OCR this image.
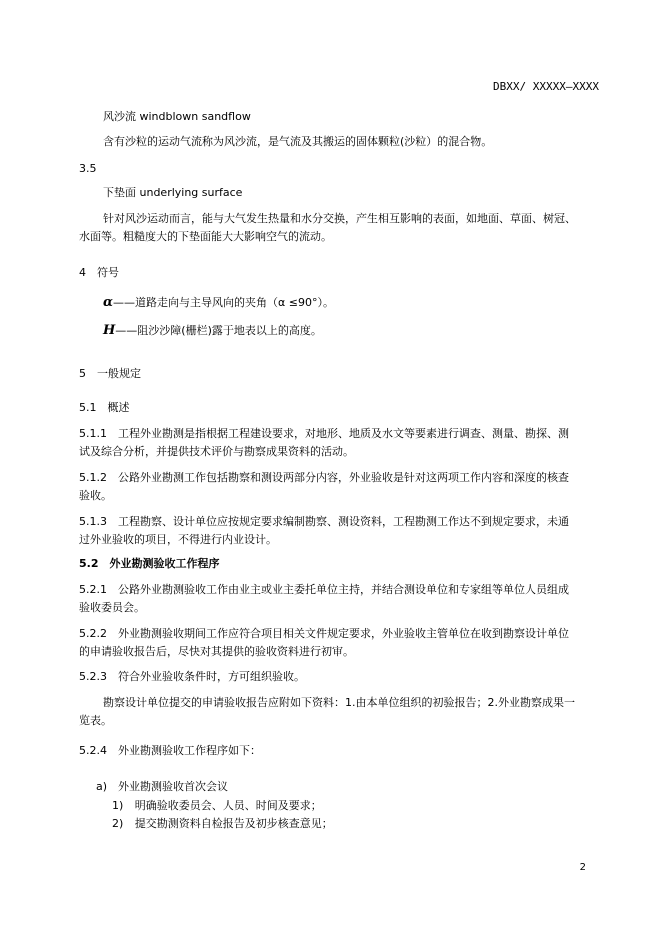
DBXX/ XXXXX—XXXX
风沙流 windblown sandflow
含有沙粒的运动气流称为风沙流，是气流及其搬运的固体颗粒(沙粒）的混合物。
3.5
下垫面 underlying surface
针对风沙运动而言，能与大气发生热量和水分交换，产生相互影响的表面，如地面、草面、树冠、
水面等。粗糙度大的下垫面能大大影响空气的流动。
4　符号
α——道路走向与主导风向的夹角（α ≤90°）。
H——阻沙沙障(栅栏)露于地表以上的高度。
5　一般规定
5.1　概述
5.1.1　工程外业勘测是指根据工程建设要求，对地形、地质及水文等要素进行调查、测量、勘探、测
试及综合分析，并提供技术评价与勘察成果资料的活动。
5.1.2　公路外业勘测工作包括勘察和测设两部分内容，外业验收是针对这两项工作内容和深度的核查
验收。
5.1.3　工程勘察、设计单位应按规定要求编制勘察、测设资料，工程勘测工作达不到规定要求，未通
过外业验收的项目，不得进行内业设计。
5.2　外业勘测验收工作程序
5.2.1　公路外业勘测验收工作由业主或业主委托单位主持，并结合测设单位和专家组等单位人员组成
验收委员会。
5.2.2　外业勘测验收期间工作应符合项目相关文件规定要求，外业验收主管单位在收到勘察设计单位
的申请验收报告后，尽快对其提供的验收资料进行初审。
5.2.3　符合外业验收条件时，方可组织验收。
勘察设计单位提交的申请验收报告应附如下资料：1.由本单位组织的初验报告；2.外业勘察成果一
览表。
5.2.4　外业勘测验收工作程序如下：
a)　外业勘测验收首次会议
1) 明确验收委员会、人员、时间及要求；
2) 提交勘测资料自检报告及初步核查意见；
2
